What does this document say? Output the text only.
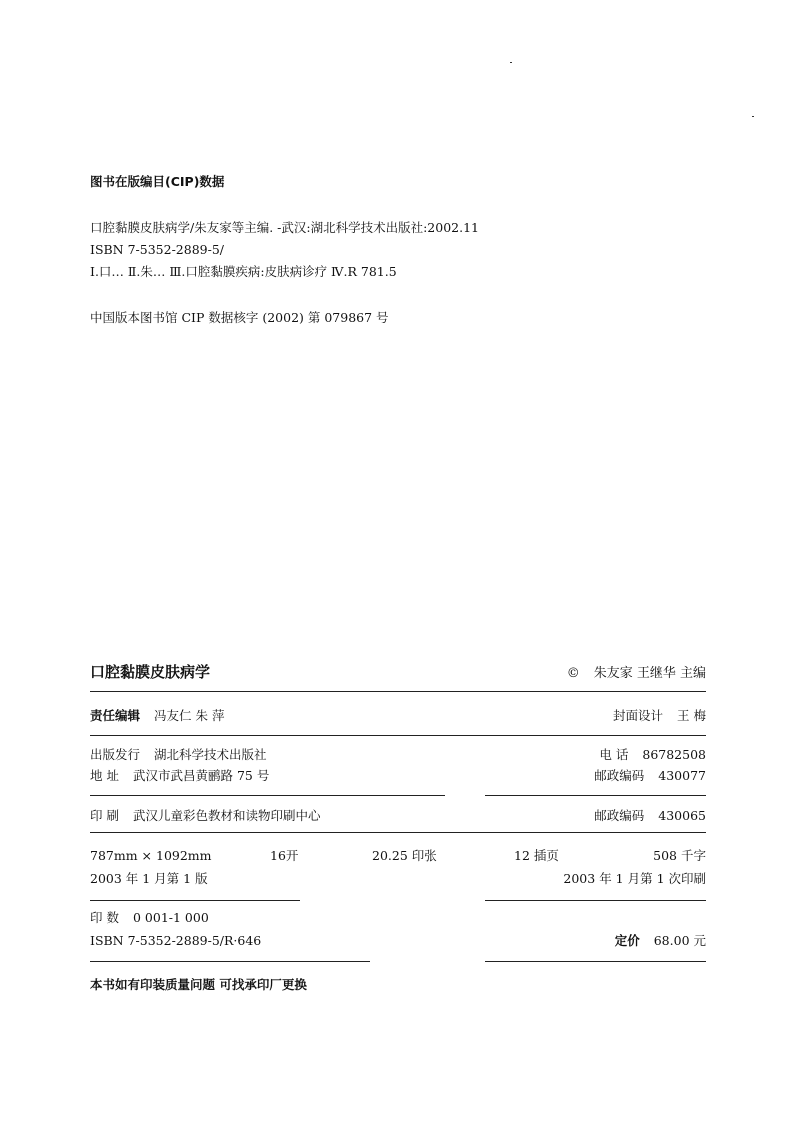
图书在版编目(CIP)数据
口腔黏膜皮肤病学/朱友家等主编. -武汉:湖北科学技术出版社:2002.11
ISBN 7-5352-2889-5/
Ⅰ.口… Ⅱ.朱… Ⅲ.口腔黏膜疾病:皮肤病诊疗 Ⅳ.R 781.5
中国版本图书馆 CIP 数据核字 (2002) 第 079867 号
口腔黏膜皮肤病学	© 朱友家 王继华 主编
责任编辑 冯友仁 朱 萍	封面设计 王 梅
出版发行 湖北科学技术出版社	电 话 86782508
地 址 武汉市武昌黄鹂路 75 号	邮政编码 430077
印 刷 武汉儿童彩色教材和读物印刷中心	邮政编码 430065
787mm × 1092mm	16开	20.25 印张	12 插页	508 千字
2003 年 1 月第 1 版	2003 年 1 月第 1 次印刷
印 数 0 001-1 000
ISBN 7-5352-2889-5/R·646	定价 68.00 元
本书如有印装质量问题 可找承印厂更换
